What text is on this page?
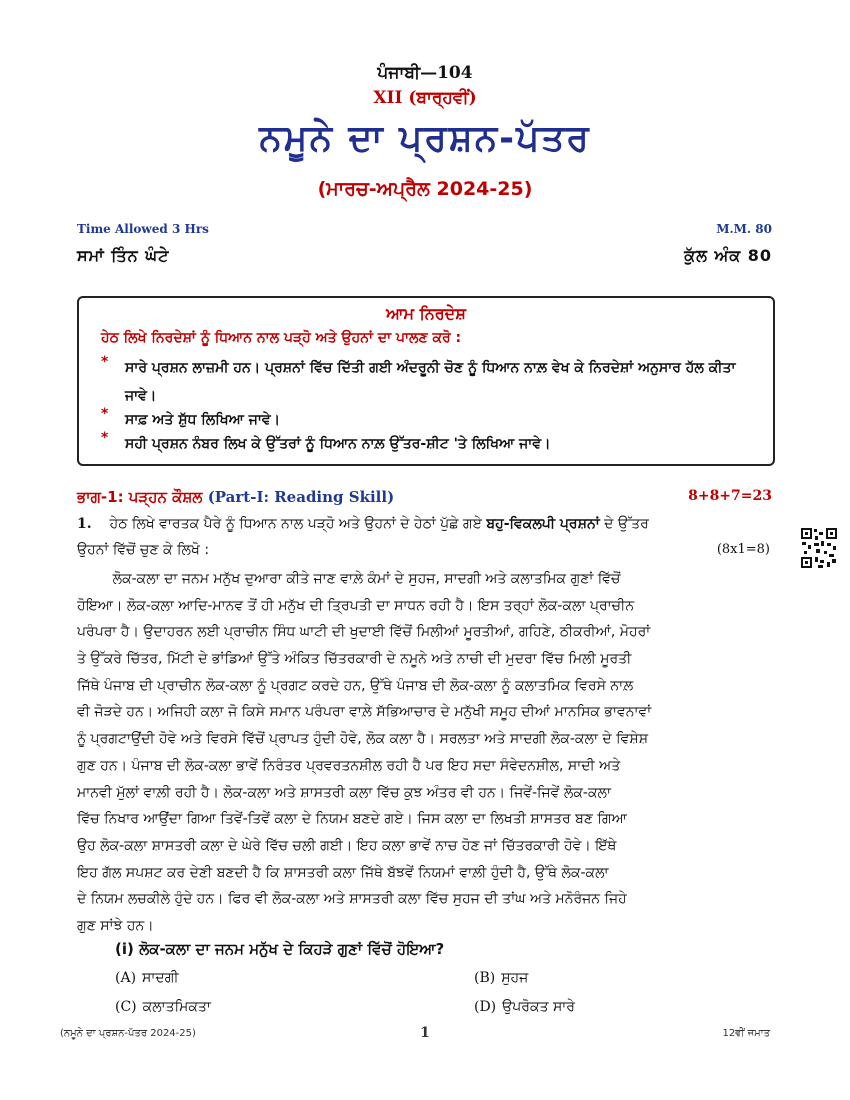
ਪੰਜਾਬੀ—104
XII (ਬਾਰ੍ਹਵੀਂ)
ਨਮੂਨੇ ਦਾ ਪ੍ਰਸ਼ਨ-ਪੱਤਰ
(ਮਾਰਚ-ਅਪ੍ਰੈਲ 2024-25)
Time Allowed 3 Hrs	M.M. 80
ਸਮਾਂ ਤਿੰਨ ਘੰਟੇ	ਕੁੱਲ ਅੰਕ 80
ਆਮ ਨਿਰਦੇਸ਼
ਹੇਠ ਲਿਖੇ ਨਿਰਦੇਸ਼ਾਂ ਨੂੰ ਧਿਆਨ ਨਾਲ ਪੜ੍ਹੋ ਅਤੇ ਉਹਨਾਂ ਦਾ ਪਾਲਣ ਕਰੋ :
* ਸਾਰੇ ਪ੍ਰਸ਼ਨ ਲਾਜ਼ਮੀ ਹਨ। ਪ੍ਰਸ਼ਨਾਂ ਵਿੱਚ ਦਿੱਤੀ ਗਈ ਅੰਦਰੂਨੀ ਚੋਣ ਨੂੰ ਧਿਆਨ ਨਾਲ਼ ਵੇਖ ਕੇ ਨਿਰਦੇਸ਼ਾਂ ਅਨੁਸਾਰ ਹੱਲ ਕੀਤਾ ਜਾਵੇ।
* ਸਾਫ਼ ਅਤੇ ਸ਼ੁੱਧ ਲਿਖਿਆ ਜਾਵੇ।
* ਸਹੀ ਪ੍ਰਸ਼ਨ ਨੰਬਰ ਲਿਖ ਕੇ ਉੱਤਰਾਂ ਨੂੰ ਧਿਆਨ ਨਾਲ਼ ਉੱਤਰ-ਸ਼ੀਟ 'ਤੇ ਲਿਖਿਆ ਜਾਵੇ।
ਭਾਗ-1: ਪੜ੍ਹਨ ਕੌਸ਼ਲ (Part-I: Reading Skill)	8+8+7=23
1. ਹੇਠ ਲਿਖੇ ਵਾਰਤਕ ਪੈਰੇ ਨੂੰ ਧਿਆਨ ਨਾਲ ਪੜ੍ਹੋ ਅਤੇ ਉਹਨਾਂ ਦੇ ਹੇਠਾਂ ਪੁੱਛੇ ਗਏ ਬਹੁ-ਵਿਕਲਪੀ ਪ੍ਰਸ਼ਨਾਂ ਦੇ ਉੱਤਰ
ਉਹਨਾਂ ਵਿੱਚੋਂ ਚੁਣ ਕੇ ਲਿਖੋ :	(8x1=8)
ਲੋਕ-ਕਲਾ ਦਾ ਜਨਮ ਮਨੁੱਖ ਦੁਆਰਾ ਕੀਤੇ ਜਾਣ ਵਾਲ਼ੇ ਕੰਮਾਂ ਦੇ ਸੁਹਜ, ਸਾਦਗੀ ਅਤੇ ਕਲਾਤਮਿਕ ਗੁਣਾਂ ਵਿੱਚੋਂ
ਹੋਇਆ। ਲੋਕ-ਕਲਾ ਆਦਿ-ਮਾਨਵ ਤੋਂ ਹੀ ਮਨੁੱਖ ਦੀ ਤ੍ਰਿਪਤੀ ਦਾ ਸਾਧਨ ਰਹੀ ਹੈ। ਇਸ ਤਰ੍ਹਾਂ ਲੋਕ-ਕਲਾ ਪ੍ਰਾਚੀਨ
ਪਰੰਪਰਾ ਹੈ। ਉਦਾਹਰਨ ਲਈ ਪ੍ਰਾਚੀਨ ਸਿੰਧ ਘਾਟੀ ਦੀ ਖੁਦਾਈ ਵਿੱਚੋਂ ਮਿਲੀਆਂ ਮੂਰਤੀਆਂ, ਗਹਿਣੇ, ਠੀਕਰੀਆਂ, ਮੋਹਰਾਂ
ਤੇ ਉੱਕਰੇ ਚਿੱਤਰ, ਮਿੱਟੀ ਦੇ ਭਾਂਡਿਆਂ ਉੱਤੇ ਅੰਕਿਤ ਚਿੱਤਰਕਾਰੀ ਦੇ ਨਮੂਨੇ ਅਤੇ ਨਾਚੀ ਦੀ ਮੁਦਰਾ ਵਿੱਚ ਮਿਲੀ ਮੂਰਤੀ
ਜਿੱਥੇ ਪੰਜਾਬ ਦੀ ਪ੍ਰਾਚੀਨ ਲੋਕ-ਕਲਾ ਨੂੰ ਪ੍ਰਗਟ ਕਰਦੇ ਹਨ, ਉੱਥੇ ਪੰਜਾਬ ਦੀ ਲੋਕ-ਕਲਾ ਨੂੰ ਕਲਾਤਮਿਕ ਵਿਰਸੇ ਨਾਲ਼
ਵੀ ਜੋੜਦੇ ਹਨ। ਅਜਿਹੀ ਕਲਾ ਜੋ ਕਿਸੇ ਸਮਾਨ ਪਰੰਪਰਾ ਵਾਲ਼ੇ ਸੱਭਿਆਚਾਰ ਦੇ ਮਨੁੱਖੀ ਸਮੂਹ ਦੀਆਂ ਮਾਨਸਿਕ ਭਾਵਨਾਵਾਂ
ਨੂੰ ਪ੍ਰਗਟਾਉਂਦੀ ਹੋਵੇ ਅਤੇ ਵਿਰਸੇ ਵਿੱਚੋਂ ਪ੍ਰਾਪਤ ਹੁੰਦੀ ਹੋਵੇ, ਲੋਕ ਕਲਾ ਹੈ। ਸਰਲਤਾ ਅਤੇ ਸਾਦਗੀ ਲੋਕ-ਕਲਾ ਦੇ ਵਿਸ਼ੇਸ਼
ਗੁਣ ਹਨ। ਪੰਜਾਬ ਦੀ ਲੋਕ-ਕਲਾ ਭਾਵੇਂ ਨਿਰੰਤਰ ਪ੍ਰਵਰਤਨਸ਼ੀਲ ਰਹੀ ਹੈ ਪਰ ਇਹ ਸਦਾ ਸੰਵੇਦਨਸ਼ੀਲ, ਸਾਦੀ ਅਤੇ
ਮਾਨਵੀ ਮੁੱਲਾਂ ਵਾਲ਼ੀ ਰਹੀ ਹੈ। ਲੋਕ-ਕਲਾ ਅਤੇ ਸ਼ਾਸਤਰੀ ਕਲਾ ਵਿੱਚ ਕੁਝ ਅੰਤਰ ਵੀ ਹਨ। ਜਿਵੇਂ-ਜਿਵੇਂ ਲੋਕ-ਕਲਾ
ਵਿੱਚ ਨਿਖਾਰ ਆਉਂਦਾ ਗਿਆ ਤਿਵੇਂ-ਤਿਵੇਂ ਕਲਾ ਦੇ ਨਿਯਮ ਬਣਦੇ ਗਏ। ਜਿਸ ਕਲਾ ਦਾ ਲਿਖਤੀ ਸ਼ਾਸਤਰ ਬਣ ਗਿਆ
ਉਹ ਲੋਕ-ਕਲਾ ਸ਼ਾਸਤਰੀ ਕਲਾ ਦੇ ਘੇਰੇ ਵਿੱਚ ਚਲੀ ਗਈ। ਇਹ ਕਲਾ ਭਾਵੇਂ ਨਾਚ ਹੋਣ ਜਾਂ ਚਿੱਤਰਕਾਰੀ ਹੋਵੇ। ਇੱਥੇ
ਇਹ ਗੱਲ ਸਪਸ਼ਟ ਕਰ ਦੇਣੀ ਬਣਦੀ ਹੈ ਕਿ ਸ਼ਾਸਤਰੀ ਕਲਾ ਜਿੱਥੇ ਬੱਝਵੇਂ ਨਿਯਮਾਂ ਵਾਲ਼ੀ ਹੁੰਦੀ ਹੈ, ਉੱਥੇ ਲੋਕ-ਕਲਾ
ਦੇ ਨਿਯਮ ਲਚਕੀਲੇ ਹੁੰਦੇ ਹਨ। ਫਿਰ ਵੀ ਲੋਕ-ਕਲਾ ਅਤੇ ਸ਼ਾਸਤਰੀ ਕਲਾ ਵਿੱਚ ਸੁਹਜ ਦੀ ਤਾਂਘ ਅਤੇ ਮਨੋਰੰਜਨ ਜਿਹੇ
ਗੁਣ ਸਾਂਝੇ ਹਨ।
(i) ਲੋਕ-ਕਲਾ ਦਾ ਜਨਮ ਮਨੁੱਖ ਦੇ ਕਿਹੜੇ ਗੁਣਾਂ ਵਿੱਚੋਂ ਹੋਇਆ?
(A) ਸਾਦਗੀ	(B) ਸੁਹਜ
(C) ਕਲਾਤਮਿਕਤਾ	(D) ਉਪਰੋਕਤ ਸਾਰੇ
(ਨਮੂਨੇ ਦਾ ਪ੍ਰਸ਼ਨ-ਪੱਤਰ 2024-25)	1	12ਵੀਂ ਜਮਾਤ
